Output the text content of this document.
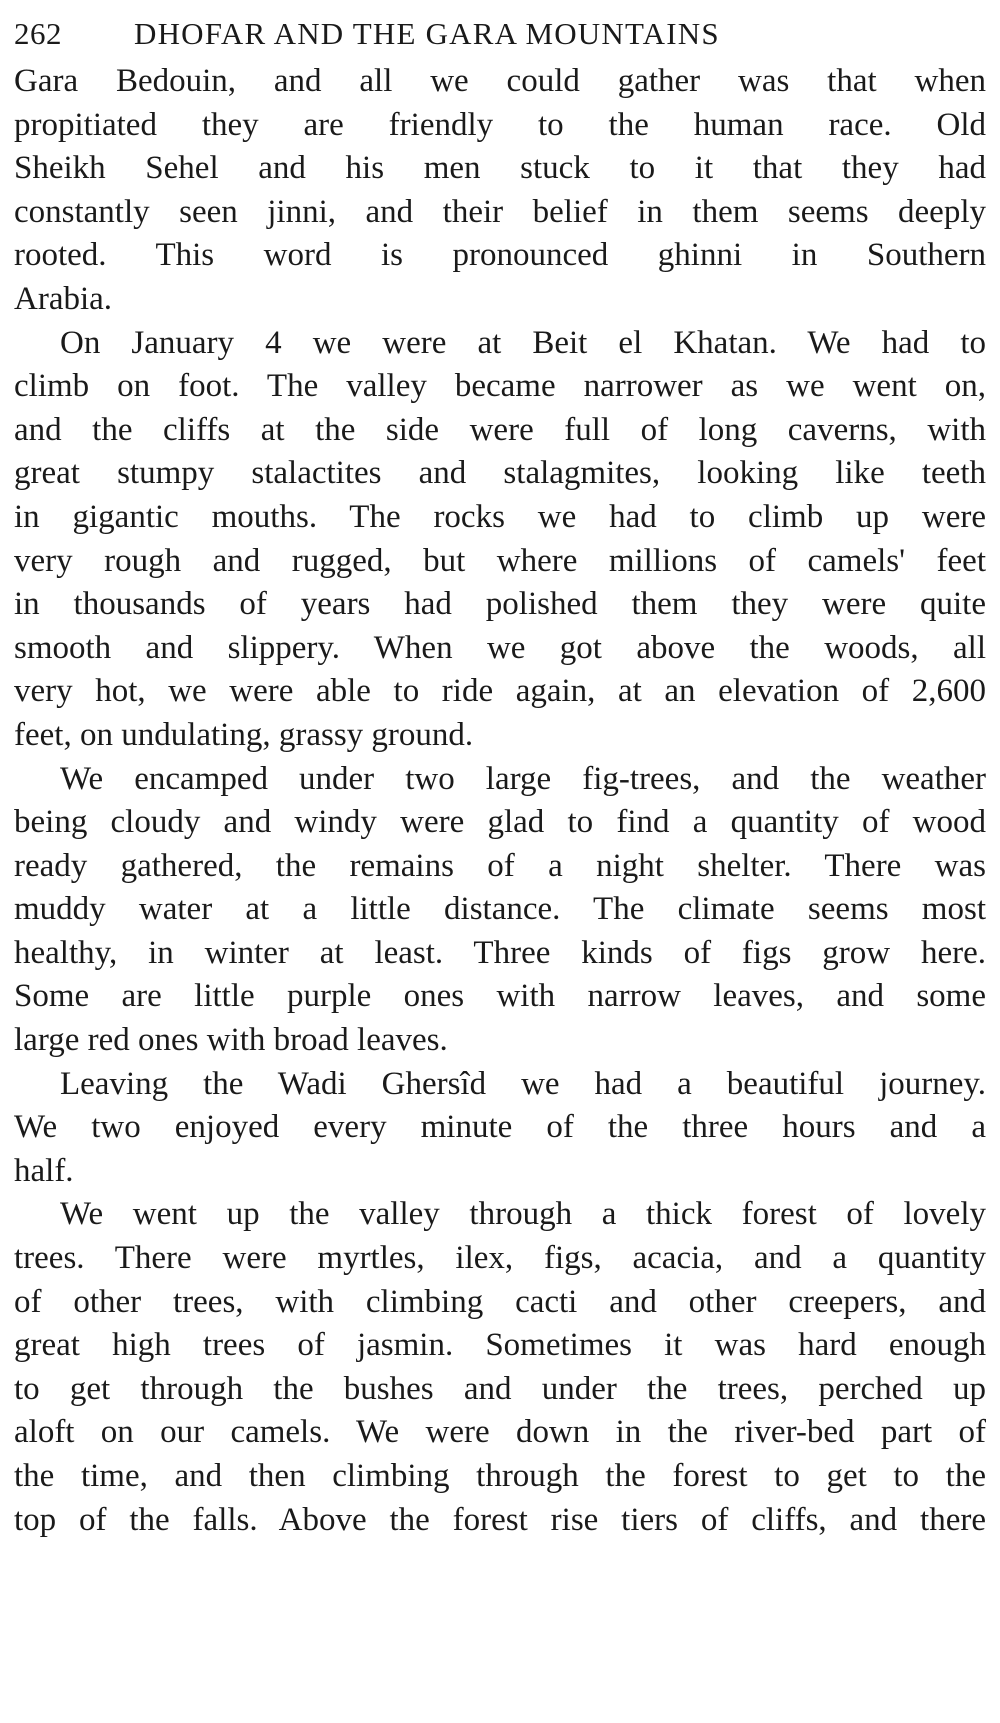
262 DHOFAR AND THE GARA MOUNTAINS
Gara Bedouin, and all we could gather was that when
propitiated they are friendly to the human race. Old
Sheikh Sehel and his men stuck to it that they had
constantly seen jinni, and their belief in them seems deeply
rooted. This word is pronounced ghinni in Southern
Arabia.
On January 4 we were at Beit el Khatan. We had to
climb on foot. The valley became narrower as we went on,
and the cliffs at the side were full of long caverns, with
great stumpy stalactites and stalagmites, looking like teeth
in gigantic mouths. The rocks we had to climb up were
very rough and rugged, but where millions of camels' feet
in thousands of years had polished them they were quite
smooth and slippery. When we got above the woods, all
very hot, we were able to ride again, at an elevation of 2,600
feet, on undulating, grassy ground.
We encamped under two large fig-trees, and the weather
being cloudy and windy were glad to find a quantity of wood
ready gathered, the remains of a night shelter. There was
muddy water at a little distance. The climate seems most
healthy, in winter at least. Three kinds of figs grow here.
Some are little purple ones with narrow leaves, and some
large red ones with broad leaves.
Leaving the Wadi Ghersîd we had a beautiful journey.
We two enjoyed every minute of the three hours and a
half.
We went up the valley through a thick forest of lovely
trees. There were myrtles, ilex, figs, acacia, and a quantity
of other trees, with climbing cacti and other creepers, and
great high trees of jasmin. Sometimes it was hard enough
to get through the bushes and under the trees, perched up
aloft on our camels. We were down in the river-bed part of
the time, and then climbing through the forest to get to the
top of the falls. Above the forest rise tiers of cliffs, and there
